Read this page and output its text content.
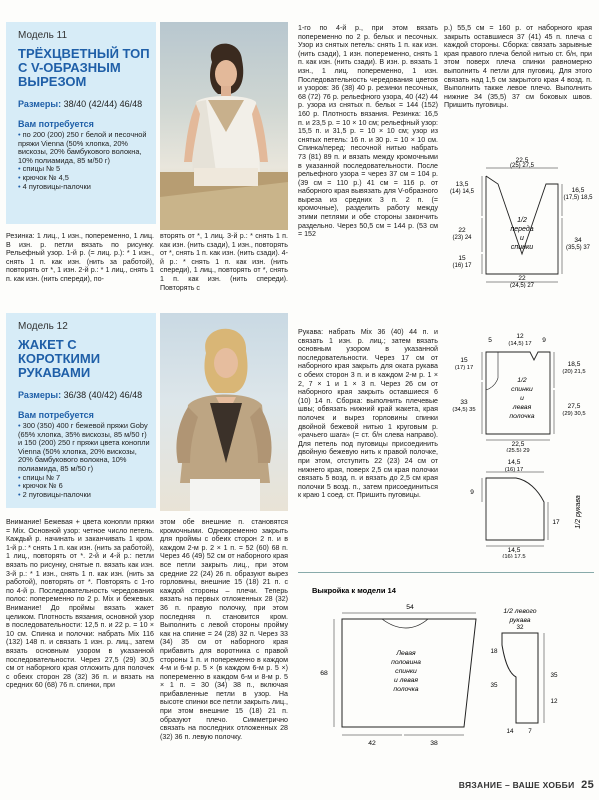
Модель 11
ТРЁХЦВЕТНЫЙ ТОП С V-ОБРАЗНЫМ ВЫРЕЗОМ
Размеры: 38/40 (42/44) 46/48
Вам потребуется
• по 200 (200) 250 г белой и песочной пряжи Vienna (50% хлопка, 20% вискозы, 20% бамбукового волокна, 10% полиамида, 85 м/50 г)
• спицы № 5
• крючок № 4,5
• 4 пуговицы-палочки
Резинка: 1 лиц., 1 изн., попеременно, 1 лиц. В изн. р. петли вязать по рисунку. Рельефный узор. 1-й р. (= лиц. р.): * 1 изн., снять 1 п. как изн. (нить за работой), повторять от *, 1 изн. 2-й р.: * 1 лиц., снять 1 п. как изн. (нить спереди), по-
вторять от *, 1 лиц. 3-й р.: * снять 1 п. как изн. (нить сзади), 1 изн., повторять от *, снять 1 п. как изн. (нить сзади). 4-й р.: * снять 1 п. как изн. (нить спереди), 1 лиц., повторять от *, снять 1 п. как изн. (нить спереди). Повторять с
1-го по 4-й р., при этом вязать попеременно по 2 р. белых и песочных. Узор из снятых петель: снять 1 п. как изн. (нить сзади), 1 изн. попеременно, снять 1 п. как изн. (нить сзади). В изн. р. вязать 1 изн., 1 лиц. попеременно, 1 изн. Последовательность чередования цветов и узоров: 36 (38) 40 р. резинки песочных, 68 (72) 76 р. рельефного узора, 40 (42) 44 р. узора из снятых п. белых = 144 (152) 160 р. Плотность вязания. Резинка: 16,5 п. и 23,5 р. = 10 × 10 см; рельефный узор: 15,5 п. и 31,5 р. = 10 × 10 см; узор из снятых петель: 16 п. и 30 р. = 10 × 10 см. Спинка/перед: песочной нитью набрать 73 (81) 89 п. и вязать между кромочными в указанной последовательности. После рельефного узора = через 37 см = 104 р. (39 см = 110 р.) 41 см = 116 р. от наборного края вывязать для V-образного выреза из средних 3 п. 2 п. (= кромочные), разделить работу между этими петлями и обе стороны закончить раздельно. Через 50,5 см = 144 р. (53 см = 152
р.) 55,5 см = 160 р. от наборного края закрыть оставшиеся 37 (41) 45 п. плеча с каждой стороны. Сборка: связать зарывные края правого плеча белой нитью ст. б/н, при этом поверх плеча спинки равномерно выполнить 4 петли для пуговиц. Для этого связать над 1,5 см закрытого края 4 возд. п. Выполнить также левое плечо. Выполнить нижние 34 (35,5) 37 см боковых швов. Пришить пуговицы.
22,5
(25) 27,5
13,5
(14) 14,5
22
(23) 24
15
(16) 17
16,5
(17,5) 18,5
34
(35,5) 37
22
(24,5) 27
1/2
переда
и
спинки
Модель 12
ЖАКЕТ С КОРОТКИМИ РУКАВАМИ
Размеры: 36/38 (40/42) 46/48
Вам потребуется
• 300 (350) 400 г бежевой пряжи Goby (65% хлопка, 35% вискозы, 85 м/50 г) и 150 (200) 250 г пряжи цвета конопли Vienna (50% хлопка, 20% вискозы, 20% бамбукового волокна, 10% полиамида, 85 м/50 г)
• спицы № 7
• крючок № 6
• 2 пуговицы-палочки
Внимание! Бежевая + цвета конопли пряжи = Mix. Основной узор: четное число петель. Каждый р. начинать и заканчивать 1 кром. 1-й р.: * снять 1 п. как изн. (нить за работой), 1 лиц., повторять от *. 2-й и 4-й р.: петли вязать по рисунку, снятые п. вязать как изн. 3-й р.: * 1 изн., снять 1 п. как изн. (нить за работой), повторять от *. Повторять с 1-го по 4-й р. Последовательность чередования полос: попеременно по 2 р. Mix и бежевых. Внимание! До проймы вязать жакет целиком. Плотность вязания, основной узор в последовательности: 12,5 п. и 22 р. = 10 × 10 см. Спинка и полочки: набрать Mix 116 (132) 148 п. и связать 1 изн. р. лиц., затем вязать основным узором в указанной последовательности. Через 27,5 (29) 30,5 см от наборного края отложить для полочек с обеих сторон 28 (32) 36 п. и вязать на средних 60 (68) 76 п. спинки, при
этом обе внешние п. становятся кромочными. Одновременно закрыть для проймы с обеих сторон 2 п. и в каждом 2-м р. 2 × 1 п. = 52 (60) 68 п. Через 46 (49) 52 см от наборного края все петли закрыть лиц., при этом средние 22 (24) 26 п. образуют вырез горловины, внешние 15 (18) 21 п. с каждой стороны – плечи. Теперь вязать на первых отложенных 28 (32) 36 п. правую полочку, при этом последняя п. становится кром. Выполнить с левой стороны пройму как на спинке = 24 (28) 32 п. Через 33 (34) 35 см от наборного края прибавить для воротника с правой стороны 1 п. и попеременно в каждом 4-м и 6-м р. 5 × (в каждом 6-м р. 5 ×) попеременно в каждом 6-м и 8-м р. 5 × 1 п. = 30 (34) 38 п., включая прибавленные петли в узор. На высоте спинки все петли закрыть лиц., при этом внешние 15 (18) 21 п. образуют плечо. Симметрично связать на последних отложенных 28 (32) 36 п. левую полочку.
Рукава: набрать Mix 36 (40) 44 п. и связать 1 изн. р. лиц.; затем вязать основным узором в указанной последовательности. Через 17 см от наборного края закрыть для оката рукава с обеих сторон 3 п. и в каждом 2-м р. 1 × 2, 7 × 1 и 1 × 3 п. Через 26 см от наборного края закрыть оставшиеся 6 (10) 14 п. Сборка: выполнить плечевые швы; обвязать нижний край жакета, края полочек и вырез горловины спинки двойной бежевой нитью 1 круговым р. «рачьего шага» (= ст. б/н слева направо). Для петель под пуговицы присоединить двойную бежевую нить к правой полочке, при этом, отступить 22 (23) 24 см от нижнего края, поверх 2,5 см края полочки связать 5 возд. п. и вязать до 2,5 см края полочки 5 возд. п., затем присоединиться к краю 1 соед. ст. Пришить пуговицы.
5
12
(14,5) 17 9
15
(17) 17
33
(34,5) 35
18,5
(20) 21,5
27,5
(29) 30,5
22,5
(25,5) 29
1/2
спинки
и
левая
полочка
14,5
(16) 17
9
17
14,5
(16) 17,5
1/2 рукава
Выкройка к модели 14
54
68
42	38
Левая
половина
спинки
и левая
полочка
1/2 левого
рукава
32
18
35
35
12
14 7
ВЯЗАНИЕ – ВАШЕ ХОББИ 25
